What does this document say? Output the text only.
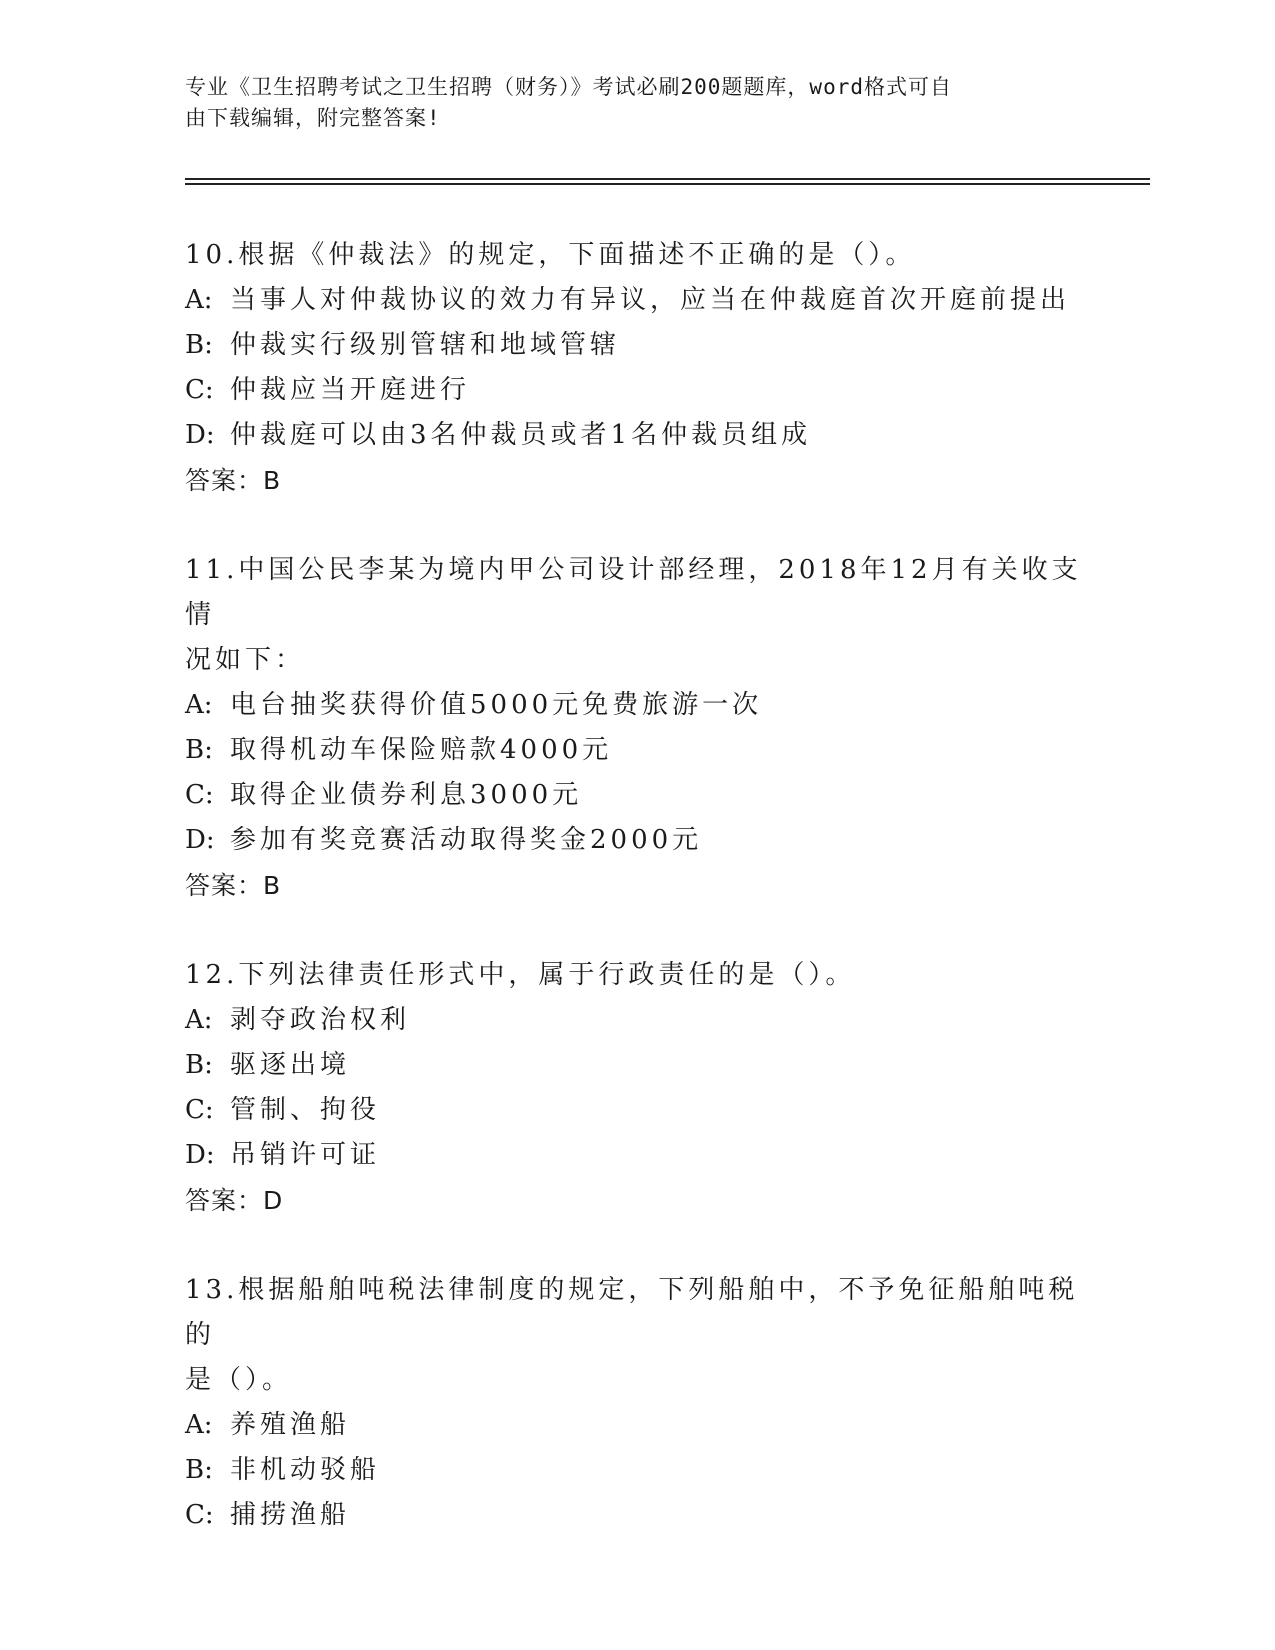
专业《卫生招聘考试之卫生招聘（财务）》考试必刷200题题库，word格式可自
由下载编辑，附完整答案!
10.根据《仲裁法》的规定，下面描述不正确的是（）。
A: 当事人对仲裁协议的效力有异议，应当在仲裁庭首次开庭前提出
B: 仲裁实行级别管辖和地域管辖
C: 仲裁应当开庭进行
D: 仲裁庭可以由3名仲裁员或者1名仲裁员组成
答案：B
11.中国公民李某为境内甲公司设计部经理，2018年12月有关收支情
况如下：
A: 电台抽奖获得价值5000元免费旅游一次
B: 取得机动车保险赔款4000元
C: 取得企业债券利息3000元
D: 参加有奖竞赛活动取得奖金2000元
答案：B
12.下列法律责任形式中，属于行政责任的是（）。
A: 剥夺政治权利
B: 驱逐出境
C: 管制、拘役
D: 吊销许可证
答案：D
13.根据船舶吨税法律制度的规定，下列船舶中，不予免征船舶吨税的
是（）。
A: 养殖渔船
B: 非机动驳船
C: 捕捞渔船
